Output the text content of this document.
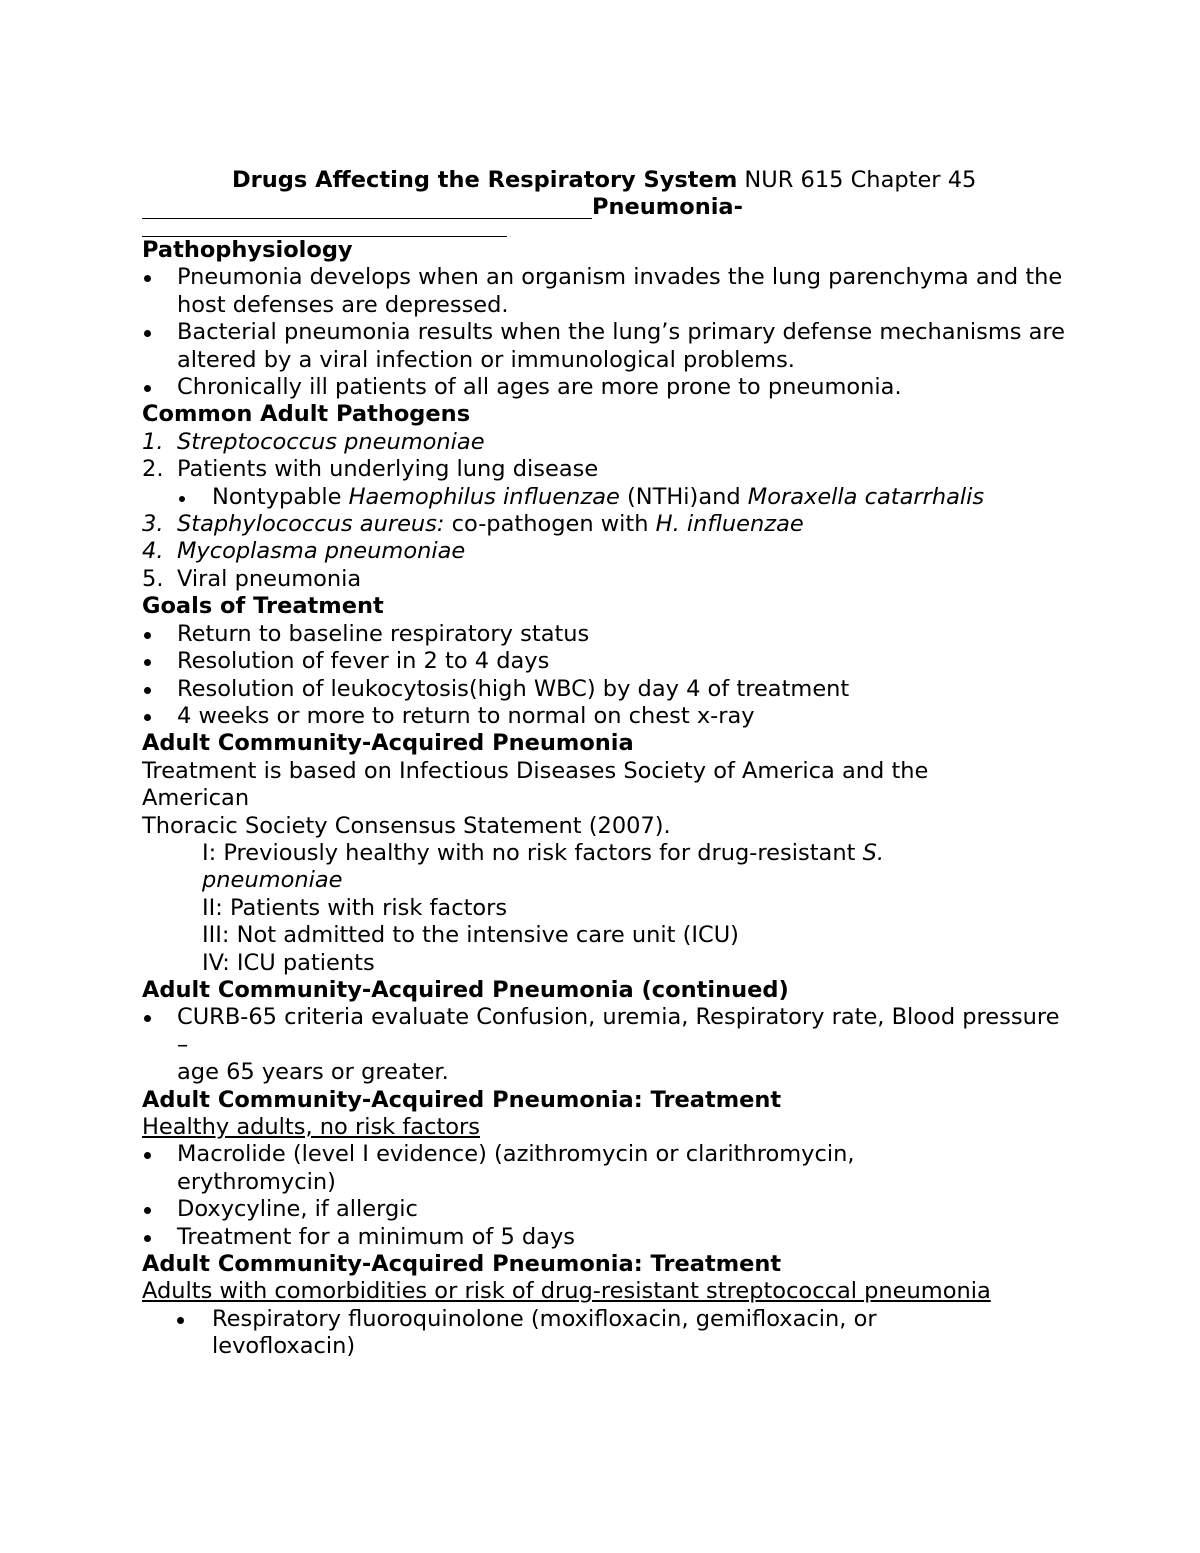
Drugs Affecting the Respiratory System NUR 615 Chapter 45
Pneumonia-
Pathophysiology
Pneumonia develops when an organism invades the lung parenchyma and the host defenses are depressed.
Bacterial pneumonia results when the lung’s primary defense mechanisms are altered by a viral infection or immunological problems.
Chronically ill patients of all ages are more prone to pneumonia.
Common Adult Pathogens
1. Streptococcus pneumoniae
2. Patients with underlying lung disease
Nontypable Haemophilus influenzae (NTHi)and Moraxella catarrhalis
3. Staphylococcus aureus: co-pathogen with H. influenzae
4. Mycoplasma pneumoniae
5. Viral pneumonia
Goals of Treatment
Return to baseline respiratory status
Resolution of fever in 2 to 4 days
Resolution of leukocytosis(high WBC) by day 4 of treatment
4 weeks or more to return to normal on chest x-ray
Adult Community-Acquired Pneumonia
Treatment is based on Infectious Diseases Society of America and the American
Thoracic Society Consensus Statement (2007).
I: Previously healthy with no risk factors for drug-resistant S. pneumoniae
II: Patients with risk factors
III: Not admitted to the intensive care unit (ICU)
IV: ICU patients
Adult Community-Acquired Pneumonia (continued)
CURB-65 criteria evaluate Confusion, uremia, Respiratory rate, Blood pressure –
age 65 years or greater.
Adult Community-Acquired Pneumonia: Treatment
Healthy adults, no risk factors
Macrolide (level I evidence) (azithromycin or clarithromycin, erythromycin)
Doxycyline, if allergic
Treatment for a minimum of 5 days
Adult Community-Acquired Pneumonia: Treatment
Adults with comorbidities or risk of drug-resistant streptococcal pneumonia
Respiratory fluoroquinolone (moxifloxacin, gemifloxacin, or levofloxacin)
